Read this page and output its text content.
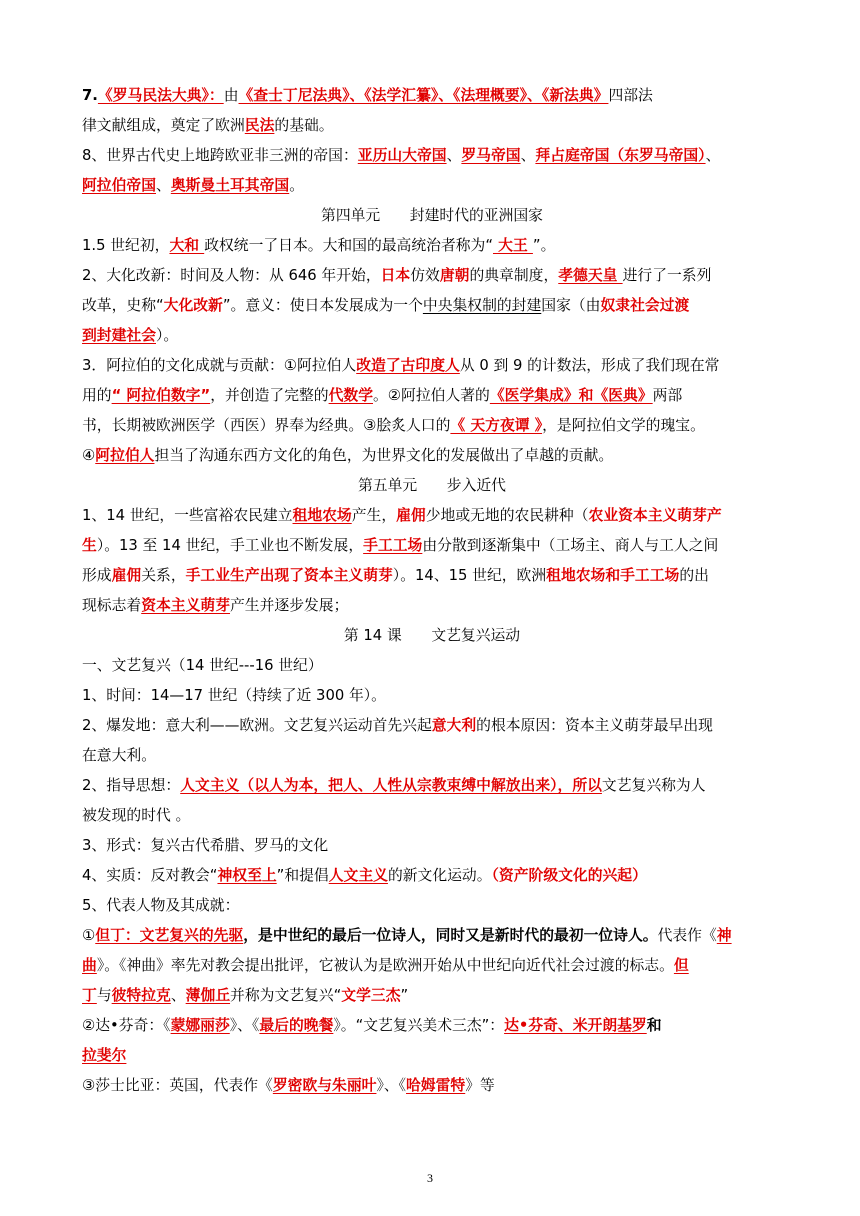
7.《罗马民法大典》：由《查士丁尼法典》、《法学汇纂》、《法理概要》、《新法典》四部法
律文献组成，奠定了欧洲民法的基础。
8、世界古代史上地跨欧亚非三洲的帝国：亚历山大帝国、罗马帝国、拜占庭帝国（东罗马帝国）、
阿拉伯帝国、奥斯曼土耳其帝国。
第四单元　　封建时代的亚洲国家
1.5 世纪初，大和 政权统一了日本。大和国的最高统治者称为“ 大王 ”。
2、大化改新：时间及人物：从 646 年开始，日本仿效唐朝的典章制度，孝德天皇 进行了一系列
改革，史称“大化改新”。意义：使日本发展成为一个中央集权制的封建国家（由奴隶社会过渡
到封建社会）。
3．阿拉伯的文化成就与贡献：①阿拉伯人改造了古印度人从 0 到 9 的计数法，形成了我们现在常
用的“ 阿拉伯数字”，并创造了完整的代数学。②阿拉伯人著的《医学集成》和《医典》两部
书，长期被欧洲医学（西医）界奉为经典。③脍炙人口的《 天方夜谭 》，是阿拉伯文学的瑰宝。
④阿拉伯人担当了沟通东西方文化的角色，为世界文化的发展做出了卓越的贡献。
第五单元　　步入近代
1、14 世纪，一些富裕农民建立租地农场产生，雇佣少地或无地的农民耕种（农业资本主义萌芽产
生）。13 至 14 世纪，手工业也不断发展，手工工场由分散到逐渐集中（工场主、商人与工人之间
形成雇佣关系，手工业生产出现了资本主义萌芽）。14、15 世纪，欧洲租地农场和手工工场的出
现标志着资本主义萌芽产生并逐步发展；
第 14 课　　文艺复兴运动
一、文艺复兴（14 世纪---16 世纪）
1、时间：14—17 世纪（持续了近 300 年）。
2、爆发地：意大利——欧洲。文艺复兴运动首先兴起意大利的根本原因：资本主义萌芽最早出现
在意大利。
2、指导思想：人文主义（以人为本，把人、人性从宗教束缚中解放出来），所以文艺复兴称为人
被发现的时代 。
3、形式：复兴古代希腊、罗马的文化
4、实质：反对教会“神权至上”和提倡人文主义的新文化运动。（资产阶级文化的兴起）
5、代表人物及其成就：
①但丁：文艺复兴的先驱，是中世纪的最后一位诗人，同时又是新时代的最初一位诗人。代表作《神
曲》。《神曲》率先对教会提出批评，它被认为是欧洲开始从中世纪向近代社会过渡的标志。但
丁与彼特拉克、薄伽丘并称为文艺复兴“文学三杰”
②达•芬奇：《蒙娜丽莎》、《最后的晚餐》。“文艺复兴美术三杰”：达•芬奇、米开朗基罗和
拉斐尔
③莎士比亚：英国，代表作《罗密欧与朱丽叶》、《哈姆雷特》等
3
